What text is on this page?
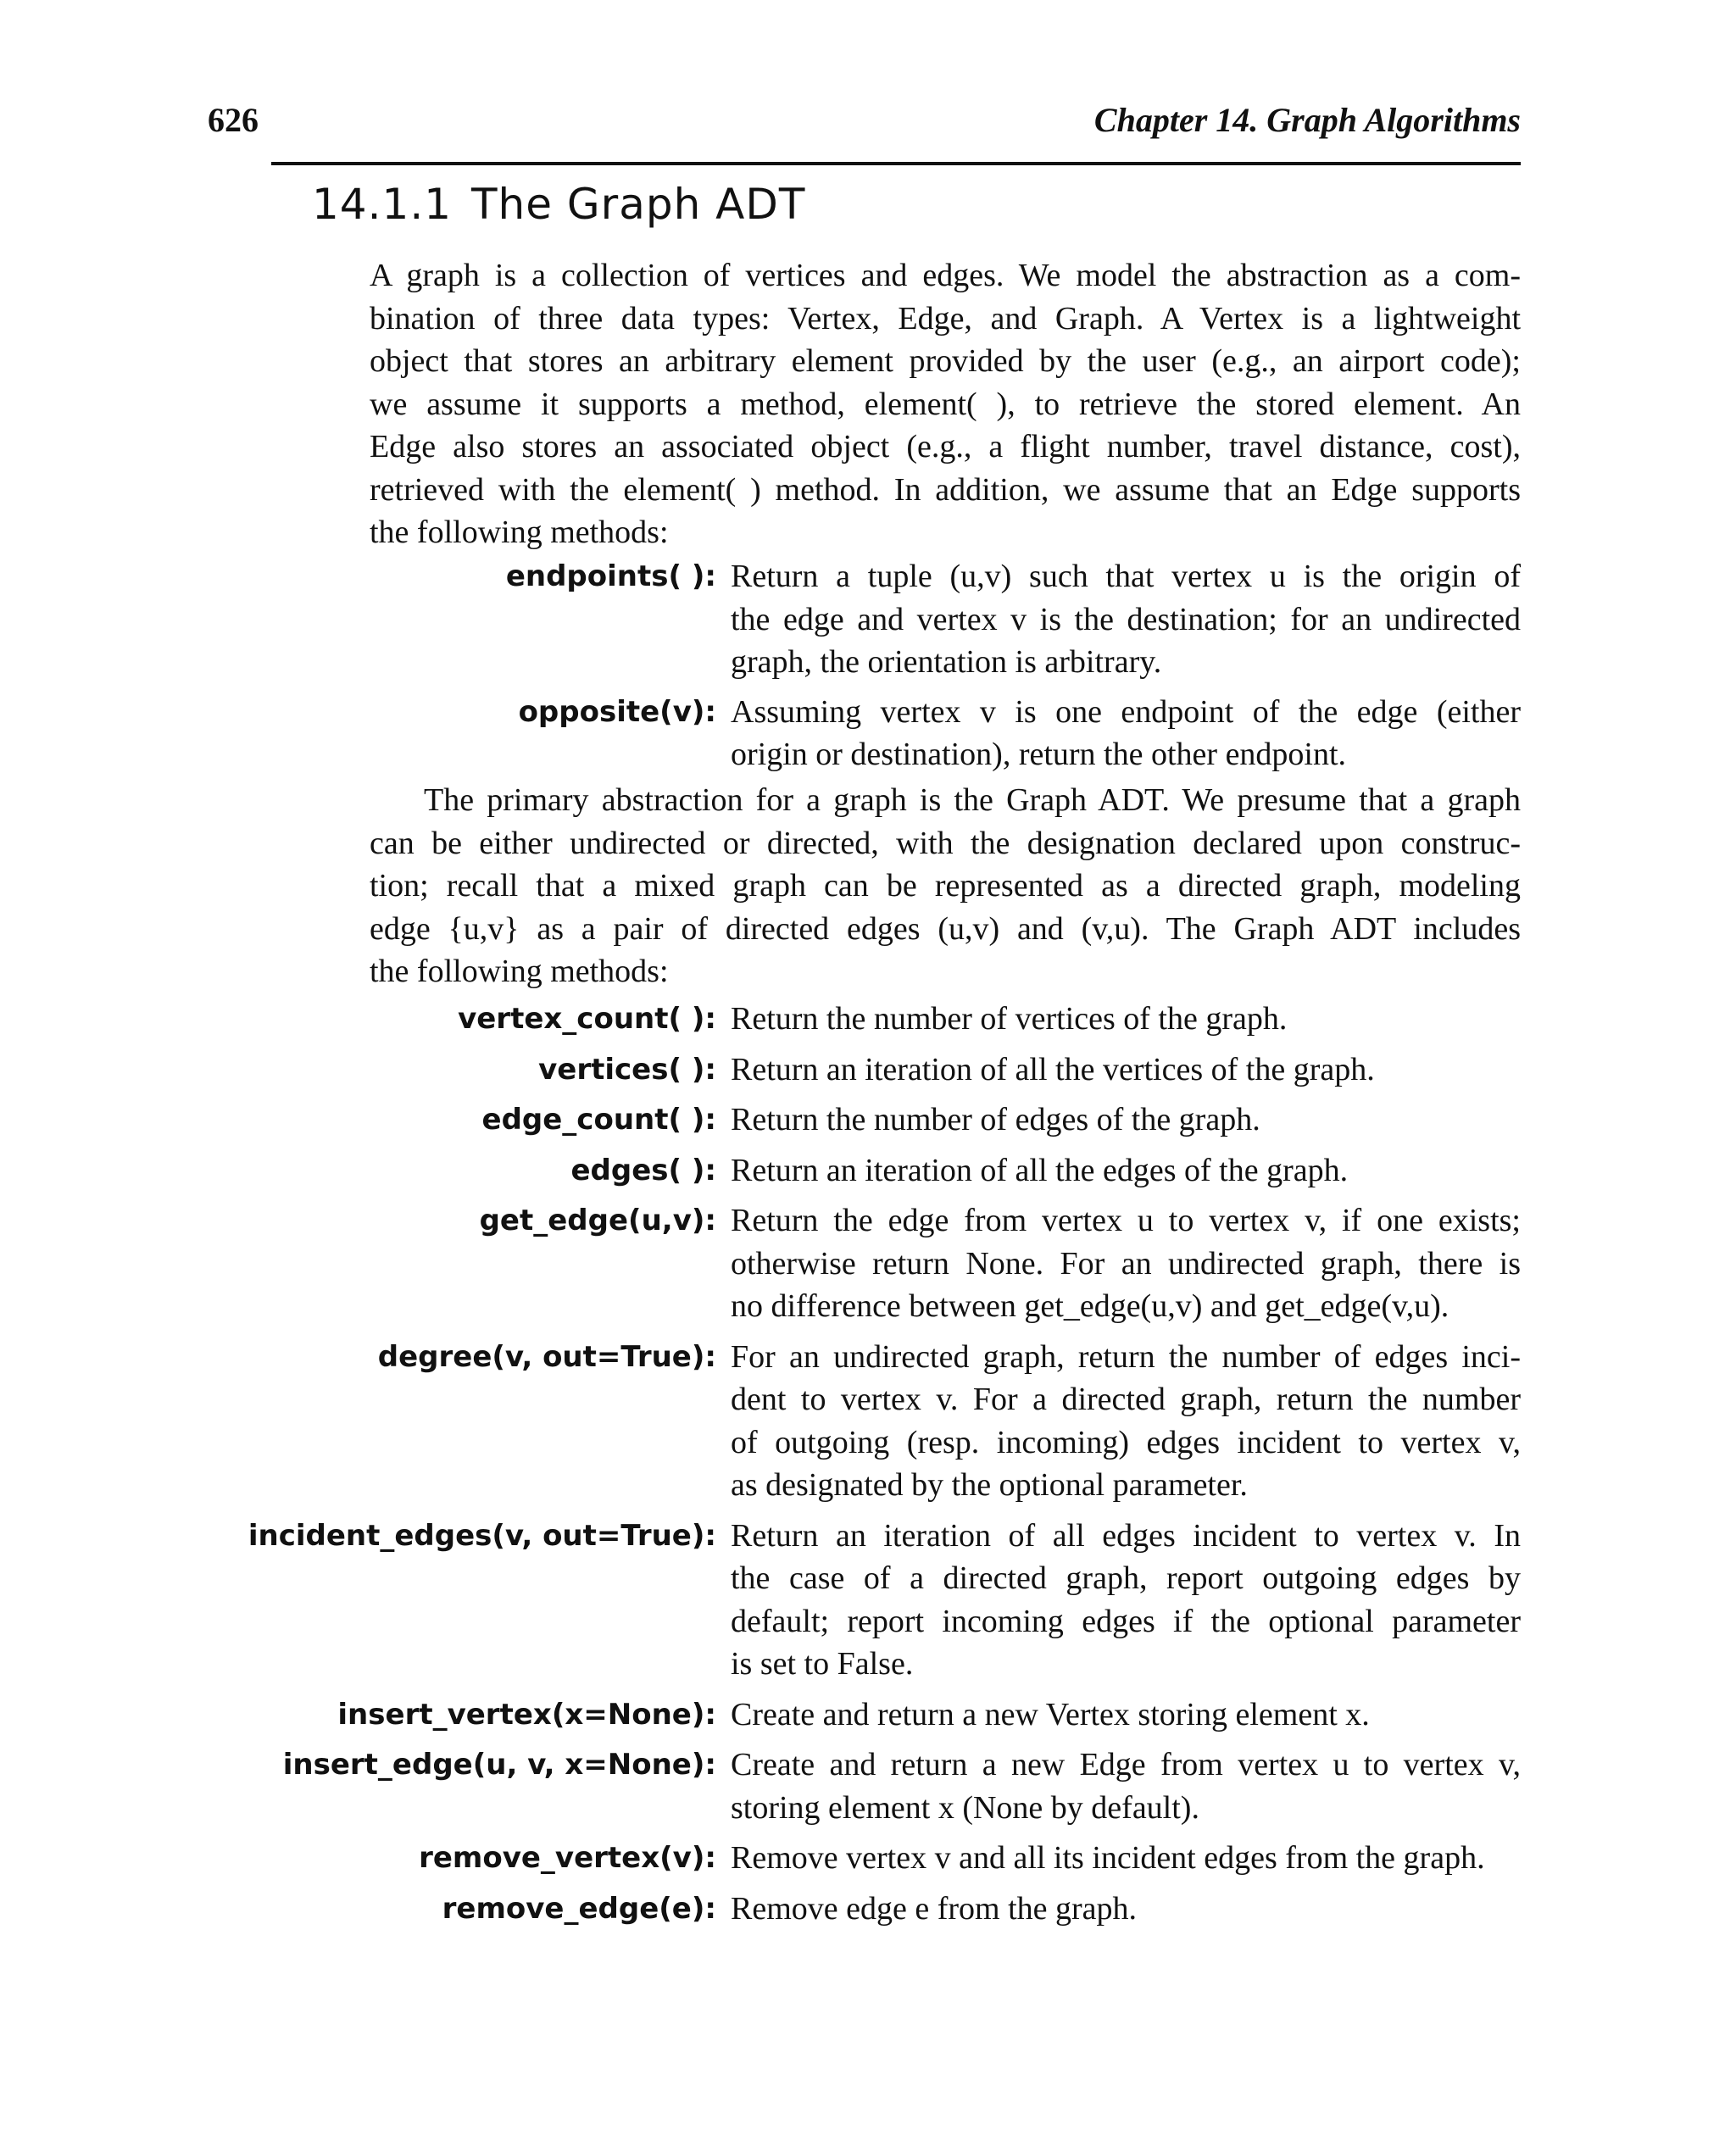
626	Chapter 14. Graph Algorithms
14.1.1 The Graph ADT
A graph is a collection of vertices and edges. We model the abstraction as a com-
bination of three data types: Vertex, Edge, and Graph. A Vertex is a lightweight
object that stores an arbitrary element provided by the user (e.g., an airport code);
we assume it supports a method, element( ), to retrieve the stored element. An
Edge also stores an associated object (e.g., a flight number, travel distance, cost),
retrieved with the element( ) method. In addition, we assume that an Edge supports
the following methods:
endpoints( ): Return a tuple (u,v) such that vertex u is the origin of
the edge and vertex v is the destination; for an undirected
graph, the orientation is arbitrary.
opposite(v): Assuming vertex v is one endpoint of the edge (either
origin or destination), return the other endpoint.
The primary abstraction for a graph is the Graph ADT. We presume that a graph
can be either undirected or directed, with the designation declared upon construc-
tion; recall that a mixed graph can be represented as a directed graph, modeling
edge {u,v} as a pair of directed edges (u,v) and (v,u). The Graph ADT includes
the following methods:
vertex_count( ): Return the number of vertices of the graph.
vertices( ): Return an iteration of all the vertices of the graph.
edge_count( ): Return the number of edges of the graph.
edges( ): Return an iteration of all the edges of the graph.
get_edge(u,v): Return the edge from vertex u to vertex v, if one exists;
otherwise return None. For an undirected graph, there is
no difference between get_edge(u,v) and get_edge(v,u).
degree(v, out=True): For an undirected graph, return the number of edges inci-
dent to vertex v. For a directed graph, return the number
of outgoing (resp. incoming) edges incident to vertex v,
as designated by the optional parameter.
incident_edges(v, out=True): Return an iteration of all edges incident to vertex v. In
the case of a directed graph, report outgoing edges by
default; report incoming edges if the optional parameter
is set to False.
insert_vertex(x=None): Create and return a new Vertex storing element x.
insert_edge(u, v, x=None): Create and return a new Edge from vertex u to vertex v,
storing element x (None by default).
remove_vertex(v): Remove vertex v and all its incident edges from the graph.
remove_edge(e): Remove edge e from the graph.
